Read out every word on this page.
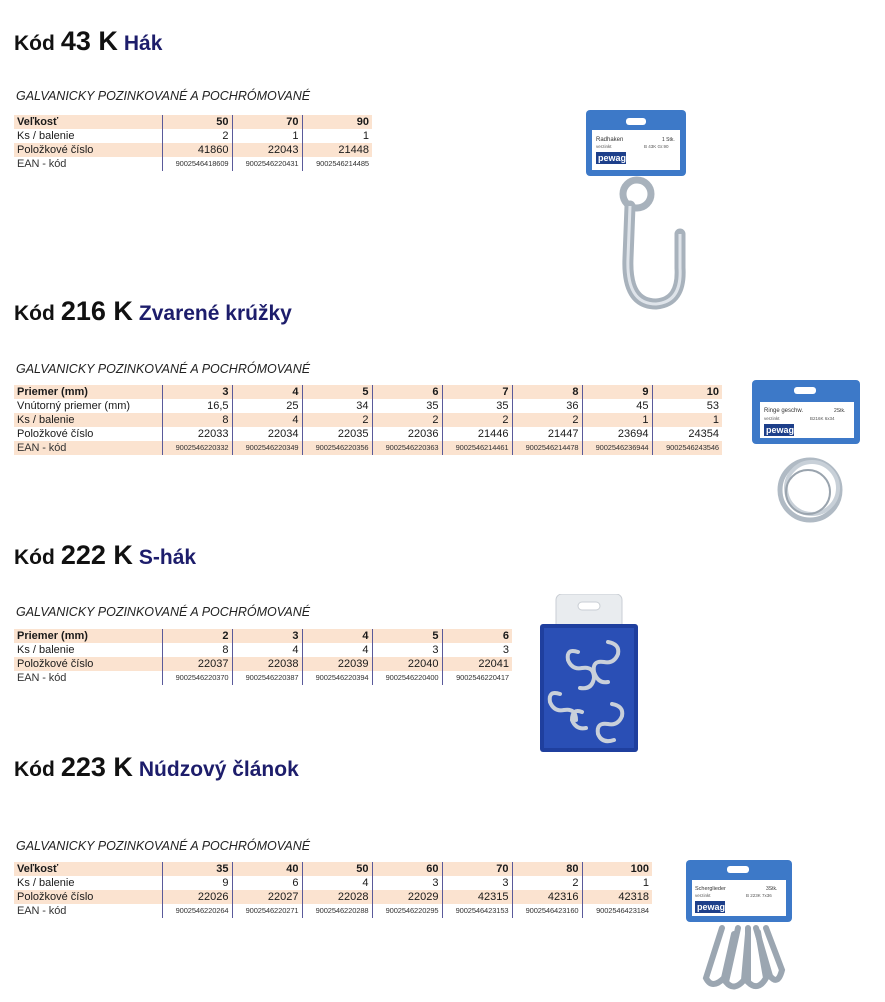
Kód 43 K Hák
GALVANICKY POZINKOVANÉ A POCHRÓMOVANÉ
Veľkosť	50	70	90
Ks / balenie	2	1	1
Položkové číslo	41860	22043	21448
EAN - kód	9002546418609	9002546220431	9002546214485
Radhaken	1 Stk.
verzinkt	B 43K Gr.90
pewag
Kód 216 K Zvarené krúžky
GALVANICKY POZINKOVANÉ A POCHRÓMOVANÉ
Priemer (mm)	3	4	5	6	7	8	9	10
Vnútorný priemer (mm)	16,5	25	34	35	35	36	45	53
Ks / balenie	8	4	2	2	2	2	1	1
Položkové číslo	22033	22034	22035	22036	21446	21447	23694	24354
EAN - kód	9002546220332	9002546220349	9002546220356	9002546220363	9002546214461	9002546214478	9002546236944	9002546243546
Ringe geschw.	2Stk.
verzinkt	B216K 6x34
pewag
Kód 222 K S-hák
GALVANICKY POZINKOVANÉ A POCHRÓMOVANÉ
Priemer (mm)	2	3	4	5	6
Ks / balenie	8	4	4	3	3
Položkové číslo	22037	22038	22039	22040	22041
EAN - kód	9002546220370	9002546220387	9002546220394	9002546220400	9002546220417
Kód 223 K Núdzový článok
GALVANICKY POZINKOVANÉ A POCHRÓMOVANÉ
Veľkosť	35	40	50	60	70	80	100
Ks / balenie	9	6	4	3	3	2	1
Položkové číslo	22026	22027	22028	22029	42315	42316	42318
EAN - kód	9002546220264	9002546220271	9002546220288	9002546220295	9002546423153	9002546423160	9002546423184
Scherglieder	3Stk.
verzinkt	B 223K 7x36
pewag
